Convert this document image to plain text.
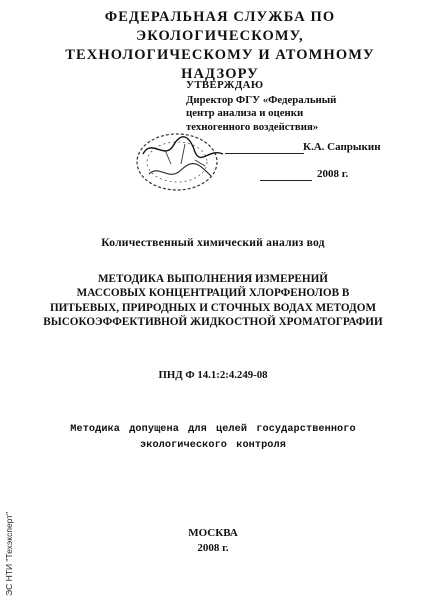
ФЕДЕРАЛЬНАЯ СЛУЖБА ПО ЭКОЛОГИЧЕСКОМУ,
ТЕХНОЛОГИЧЕСКОМУ И АТОМНОМУ НАДЗОРУ
УТВЕРЖДАЮ
Директор ФГУ «Федеральный
центр анализа и оценки
техногенного воздействия»
К.А. Сапрыкин
2008 г.
Количественный химический анализ вод
МЕТОДИКА ВЫПОЛНЕНИЯ ИЗМЕРЕНИЙ
МАССОВЫХ КОНЦЕНТРАЦИЙ ХЛОРФЕНОЛОВ В
ПИТЬЕВЫХ, ПРИРОДНЫХ И СТОЧНЫХ ВОДАХ МЕТОДОМ
ВЫСОКОЭФФЕКТИВНОЙ ЖИДКОСТНОЙ ХРОМАТОГРАФИИ
ПНД Ф 14.1:2:4.249-08
Методика допущена для целей государственного
экологического контроля
МОСКВА
2008 г.
ЭС НТИ "Техэксперт"
